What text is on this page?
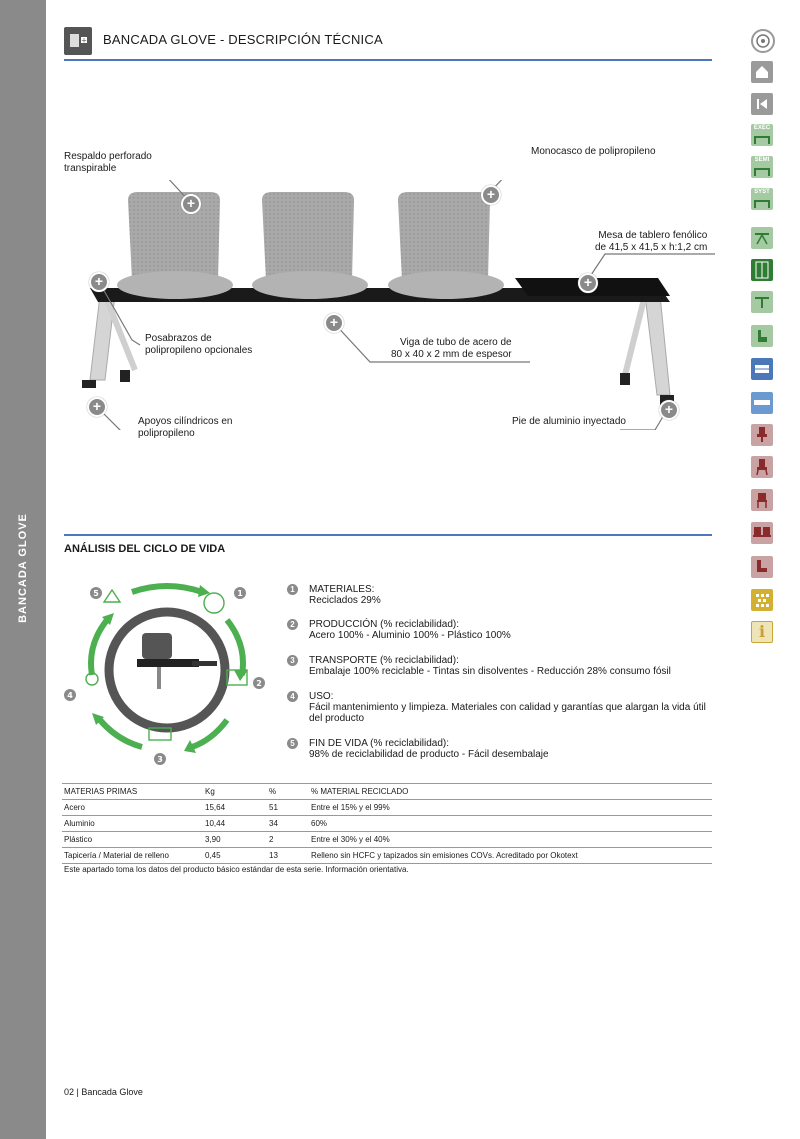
BANCADA GLOVE
+ BANCADA GLOVE - DESCRIPCIÓN TÉCNICA
+
+
+
+
+
+	+
Respaldo perforado
transpirable
Monocasco de polipropileno
Mesa de tablero fenólico
de 41,5 x 41,5 x h:1,2 cm
Posabrazos de
polipropileno opcionales
Viga de tubo de acero de
80 x 40 x 2 mm de espesor
Apoyos cilíndricos en
polipropileno
Pie de aluminio inyectado
ANÁLISIS DEL CICLO DE VIDA
1
2
3
4
5	1	MATERIALES:
Reciclados 29%
2	PRODUCCIÓN (% reciclabilidad):
Acero 100% - Aluminio 100% - Plástico 100%
3	TRANSPORTE (% reciclabilidad):
Embalaje 100% reciclable - Tintas sin disolventes - Reducción 28% consumo fósil
4	USO:
Fácil mantenimiento y limpieza. Materiales con calidad y garantías que alargan la vida útil del producto
5	FIN DE VIDA (% reciclabilidad):
98% de reciclabilidad de producto - Fácil desembalaje
MATERIAS PRIMAS	Kg	%	% MATERIAL RECICLADO
Acero	15,64	51	Entre el 15% y el 99%
Aluminio	10,44	34	60%
Plástico	3,90	2	Entre el 30% y el 40%
Tapicería / Material de relleno	0,45	13	Relleno sin HCFC y tapizados sin emisiones COVs. Acreditado por Okotext
Este apartado toma los datos del producto básico estándar de esta serie. Información orientativa.
02 | Bancada Glove
EXEC
SEMI
SYST
i
